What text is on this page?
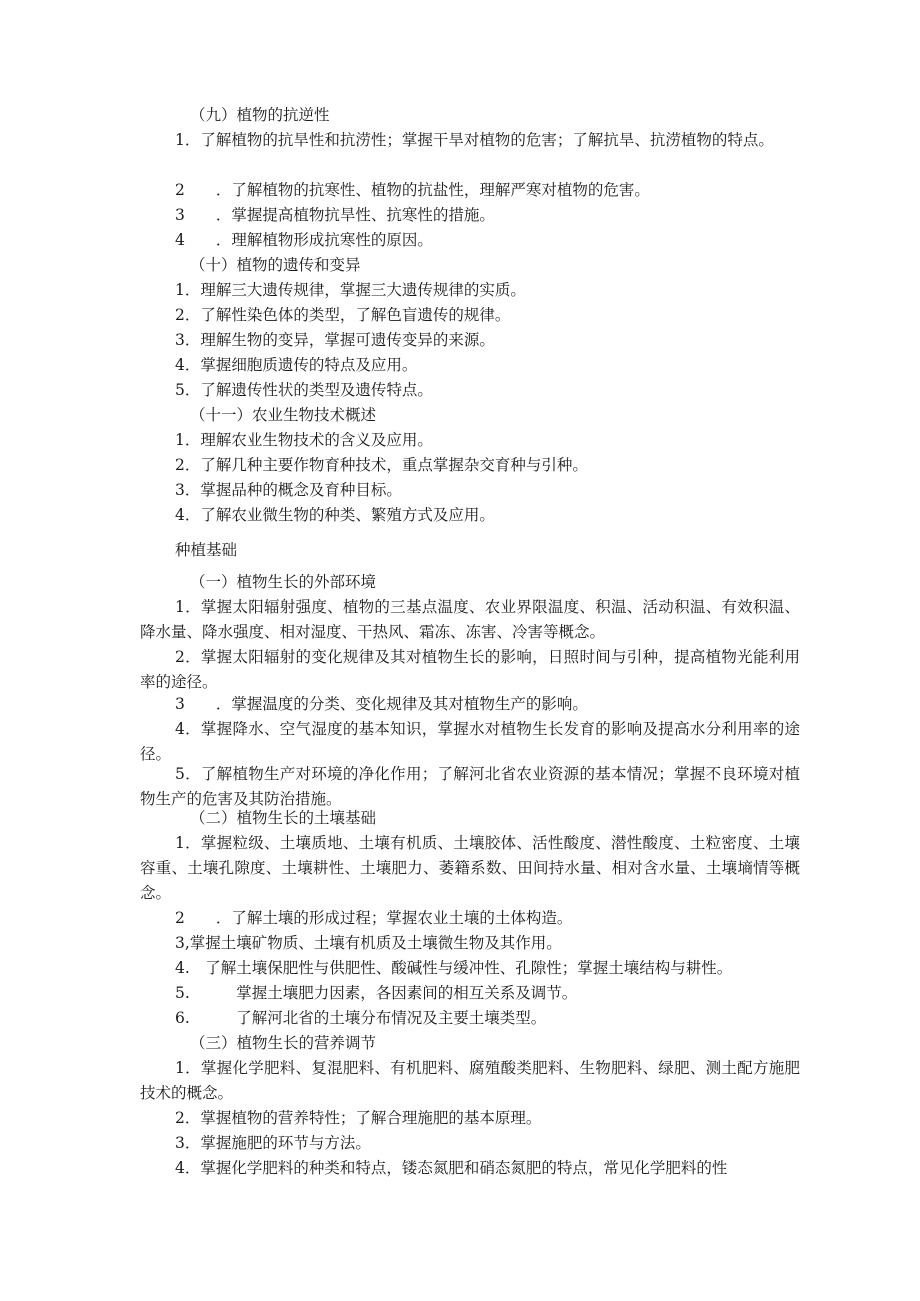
（九）植物的抗逆性
1．了解植物的抗旱性和抗涝性；掌握干旱对植物的危害；了解抗旱、抗涝植物的特点。
2　　．了解植物的抗寒性、植物的抗盐性，理解严寒对植物的危害。
3　　．掌握提高植物抗旱性、抗寒性的措施。
4　　．理解植物形成抗寒性的原因。
（十）植物的遗传和变异
1．理解三大遗传规律，掌握三大遗传规律的实质。
2．了解性染色体的类型，了解色盲遗传的规律。
3．理解生物的变异，掌握可遗传变异的来源。
4．掌握细胞质遗传的特点及应用。
5．了解遗传性状的类型及遗传特点。
（十一）农业生物技术概述
1．理解农业生物技术的含义及应用。
2．了解几种主要作物育种技术，重点掌握杂交育种与引种。
3．掌握品种的概念及育种目标。
4．了解农业微生物的种类、繁殖方式及应用。
种植基础
（一）植物生长的外部环境
1．掌握太阳辐射强度、植物的三基点温度、农业界限温度、积温、活动积温、有效积温、降水量、降水强度、相对湿度、干热风、霜冻、冻害、冷害等概念。
2．掌握太阳辐射的变化规律及其对植物生长的影响，日照时间与引种，提高植物光能利用率的途径。
3　　．掌握温度的分类、变化规律及其对植物生产的影响。
4．掌握降水、空气湿度的基本知识，掌握水对植物生长发育的影响及提高水分利用率的途径。
5．了解植物生产对环境的净化作用；了解河北省农业资源的基本情况；掌握不良环境对植物生产的危害及其防治措施。
（二）植物生长的土壤基础
1．掌握粒级、土壤质地、土壤有机质、土壤胶体、活性酸度、潜性酸度、土粒密度、土壤容重、土壤孔隙度、土壤耕性、土壤肥力、萎籍系数、田间持水量、相对含水量、土壤墒情等概念。
2　　．了解土壤的形成过程；掌握农业土壤的土体构造。
3,掌握土壤矿物质、土壤有机质及土壤微生物及其作用。
4.　了解土壤保肥性与供肥性、酸碱性与缓冲性、孔隙性；掌握土壤结构与耕性。
5.　　　掌握土壤肥力因素，各因素间的相互关系及调节。
6.　　　了解河北省的土壤分布情况及主要土壤类型。
（三）植物生长的营养调节
1．掌握化学肥料、复混肥料、有机肥料、腐殖酸类肥料、生物肥料、绿肥、测土配方施肥技术的概念。
2．掌握植物的营养特性；了解合理施肥的基本原理。
3．掌握施肥的环节与方法。
4．掌握化学肥料的种类和特点，镂态氮肥和硝态氮肥的特点，常见化学肥料的性
